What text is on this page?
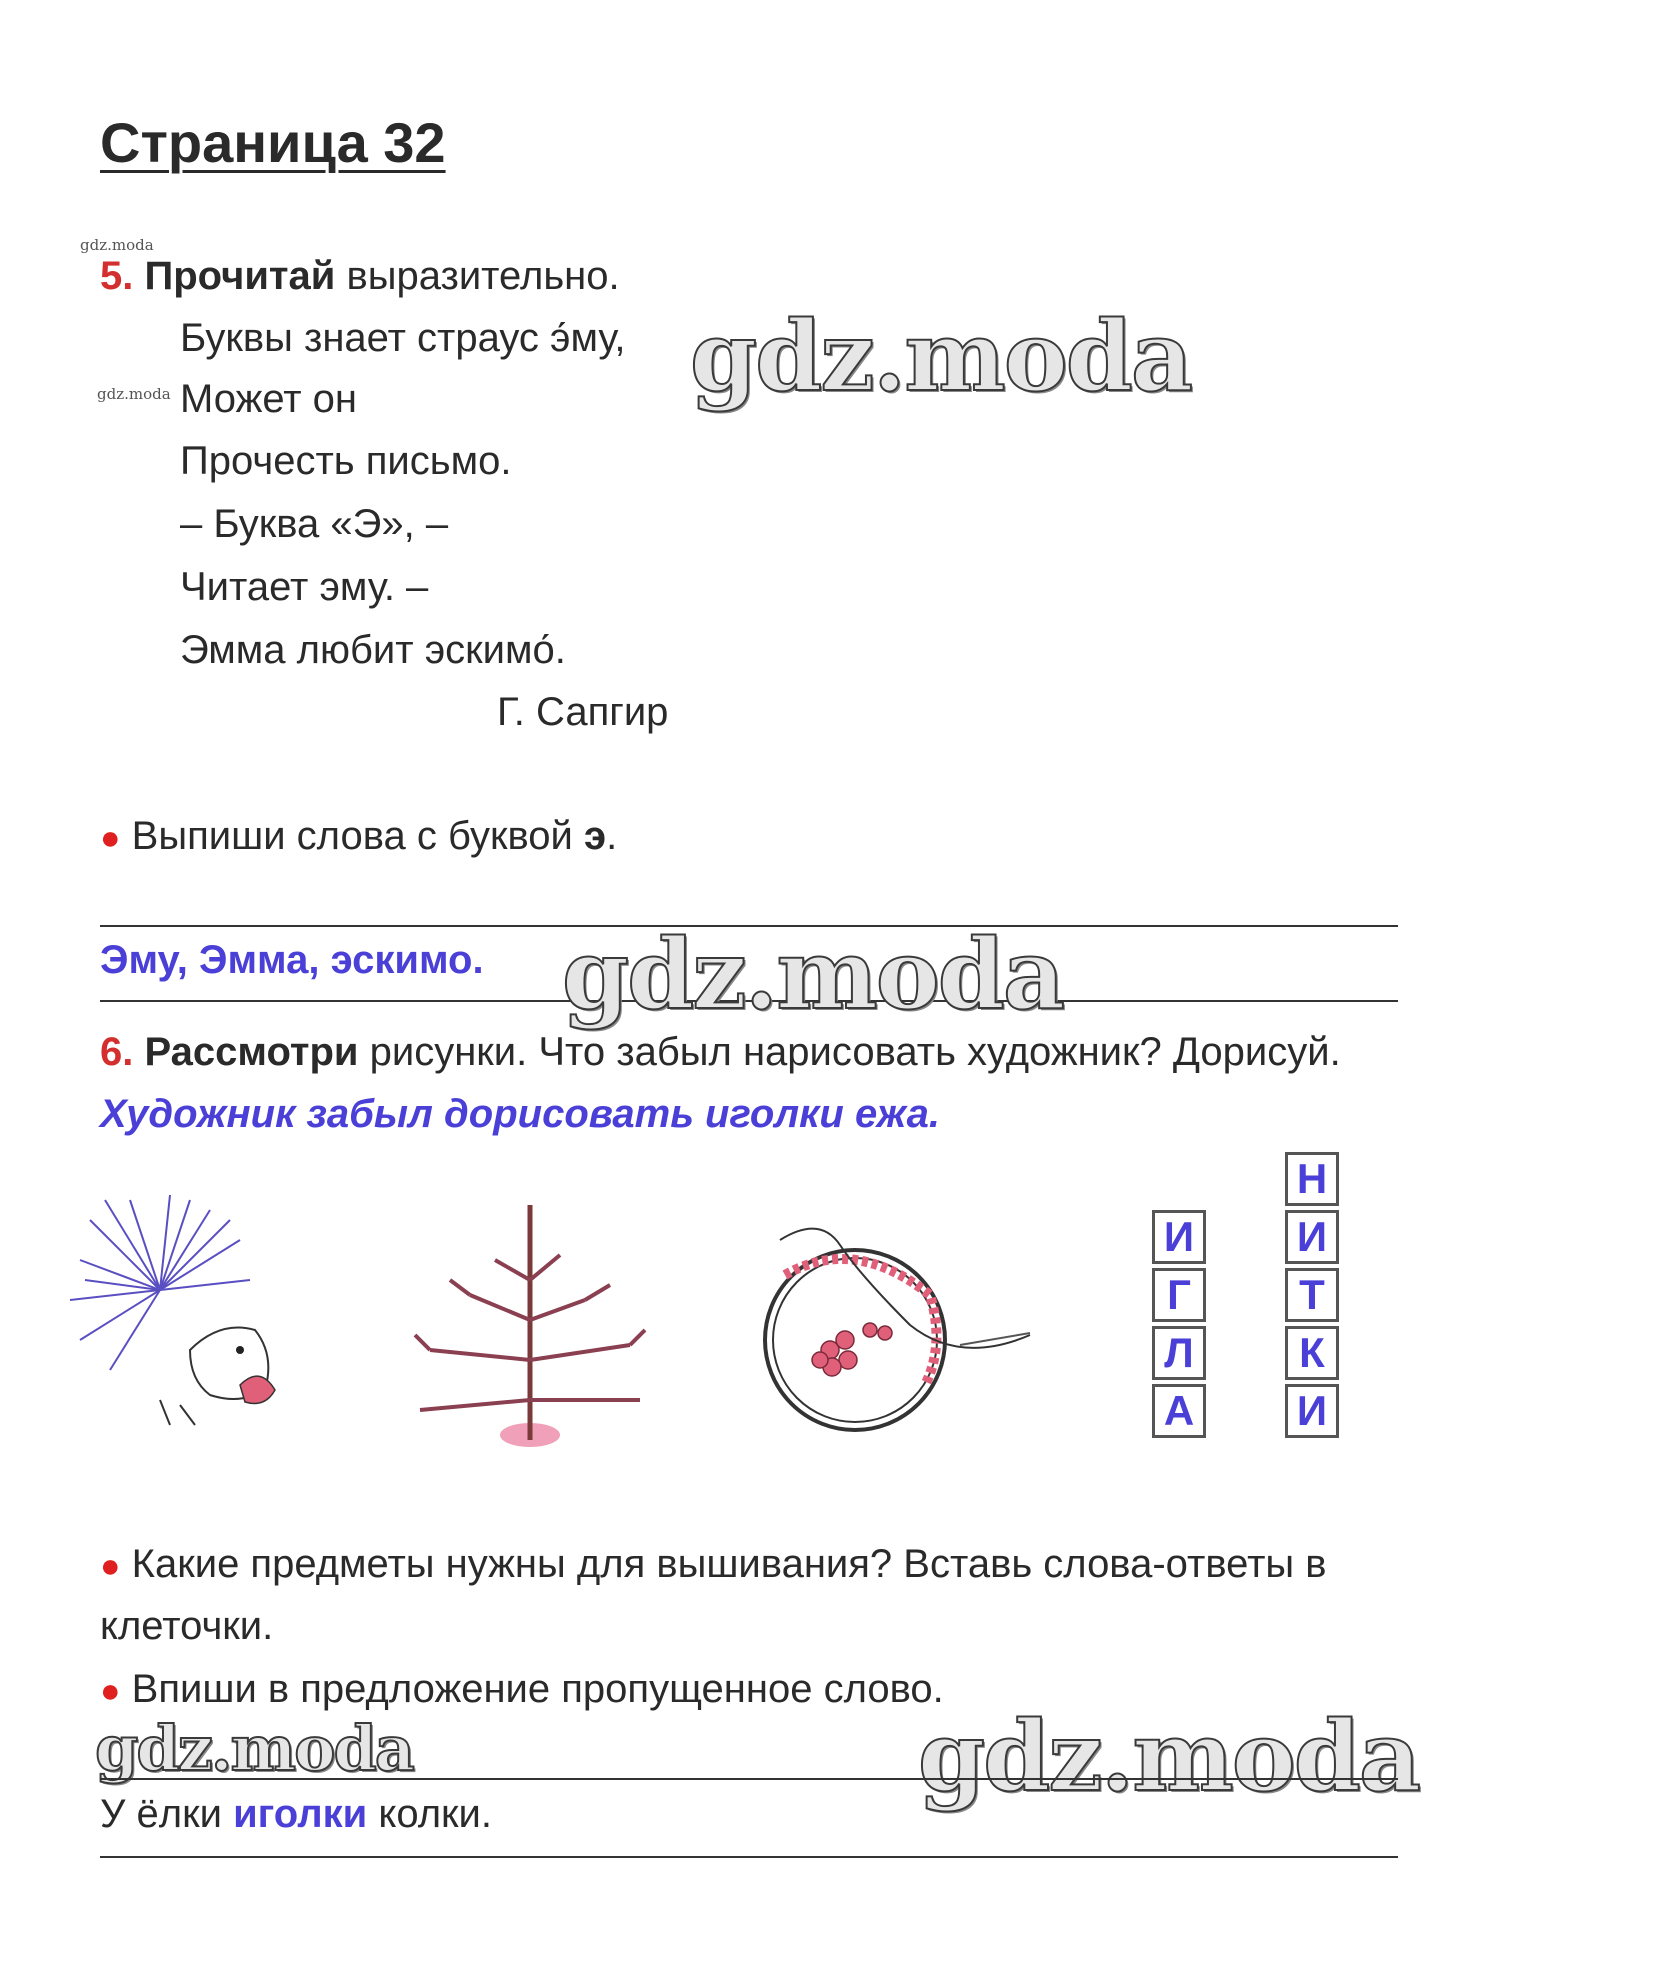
Страница 32
gdz.moda
gdz.moda
5. Прочитай выразительно.
Буквы знает страус э́му,
Может он
Прочесть письмо.
– Буква «Э», –
Читает эму. –
Эмма любит эскимо́.
Г. Сапгир
gdz.moda
● Выпиши слова с буквой э.
Эму, Эмма, эскимо. gdz.moda
6. Рассмотри рисунки. Что забыл нарисовать художник? Дорисуй.
Художник забыл дорисовать иголки ежа.
И
Г
Л
А
Н
И
Т
К
И
● Какие предметы нужны для вышивания? Вставь слова-ответы в
клеточки.
● Впиши в предложение пропущенное слово.
gdz.moda	gdz.moda
У ёлки иголки колки.
